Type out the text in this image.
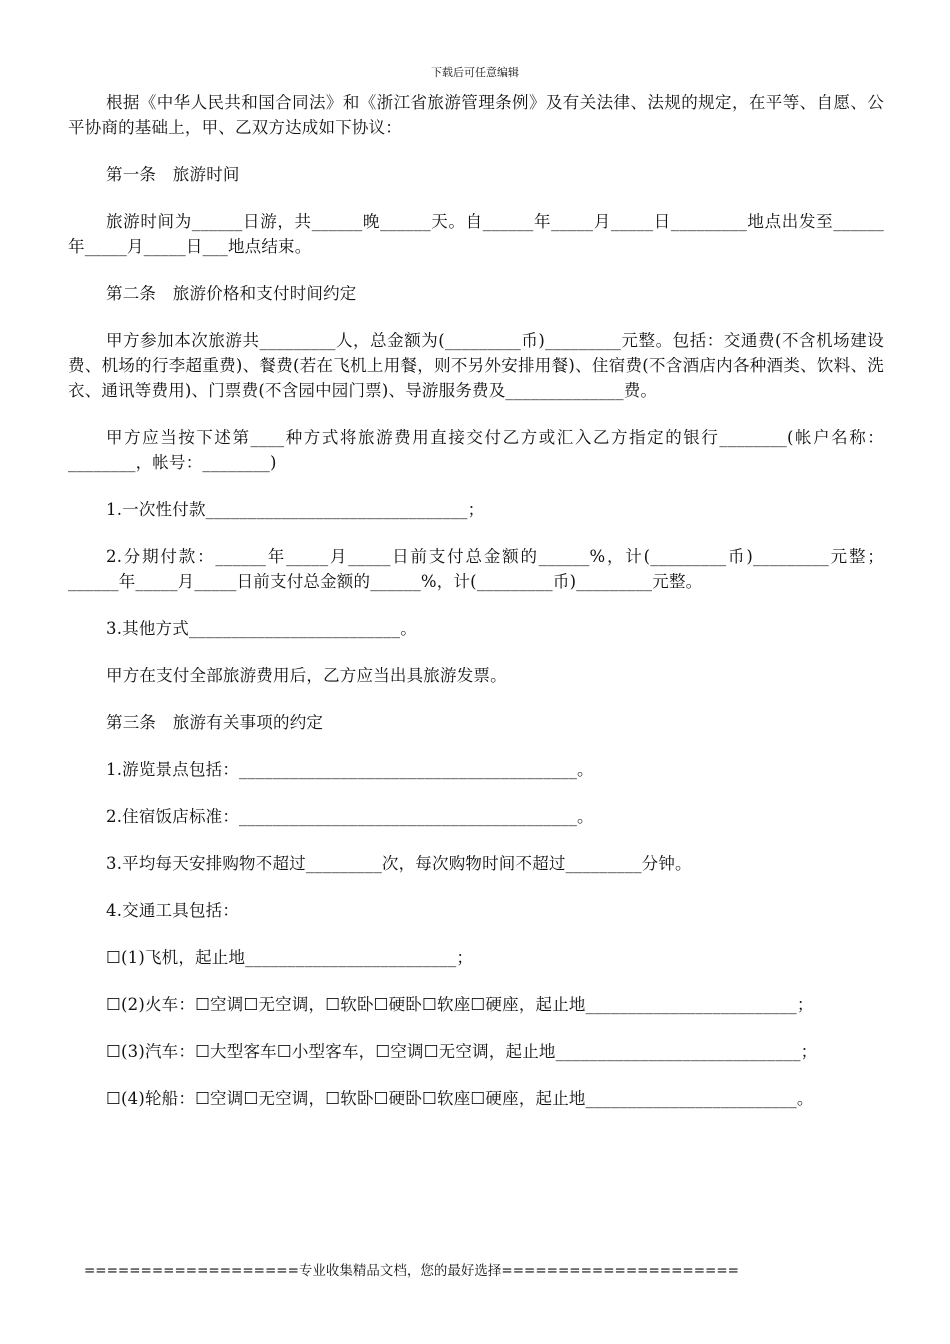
下载后可任意编辑

根据《中华人民共和国合同法》和《浙江省旅游管理条例》及有关法律、法规的规定，在平等、自愿、公平协商的基础上，甲、乙双方达成如下协议：

第一条　旅游时间

旅游时间为______日游，共______晚______天。自______年_____月_____日_________地点出发至______年_____月_____日___地点结束。

第二条　旅游价格和支付时间约定

甲方参加本次旅游共_________人，总金额为(_________币)_________元整。包括：交通费(不含机场建设费、机场的行李超重费)、餐费(若在飞机上用餐，则不另外安排用餐)、住宿费(不含酒店内各种酒类、饮料、洗衣、通讯等费用)、门票费(不含园中园门票)、导游服务费及______________费。

甲方应当按下述第____种方式将旅游费用直接交付乙方或汇入乙方指定的银行________(帐户名称：________，帐号：________)

1.一次性付款_______________________________；

2.分期付款：______年_____月_____日前支付总金额的______%，计(_________币)_________元整；______年_____月_____日前支付总金额的______%，计(_________币)_________元整。

3.其他方式_________________________。

甲方在支付全部旅游费用后，乙方应当出具旅游发票。

第三条　旅游有关事项的约定

1.游览景点包括：________________________________________。

2.住宿饭店标准：________________________________________。

3.平均每天安排购物不超过_________次，每次购物时间不超过_________分钟。

4.交通工具包括：

☐(1)飞机，起止地_________________________；

☐(2)火车：☐空调☐无空调，☐软卧☐硬卧☐软座☐硬座，起止地_________________________；

☐(3)汽车：☐大型客车☐小型客车，☐空调☐无空调，起止地_____________________________；

☐(4)轮船：☐空调☐无空调，☐软卧☐硬卧☐软座☐硬座，起止地_________________________。

===================专业收集精品文档，您的最好选择=====================
